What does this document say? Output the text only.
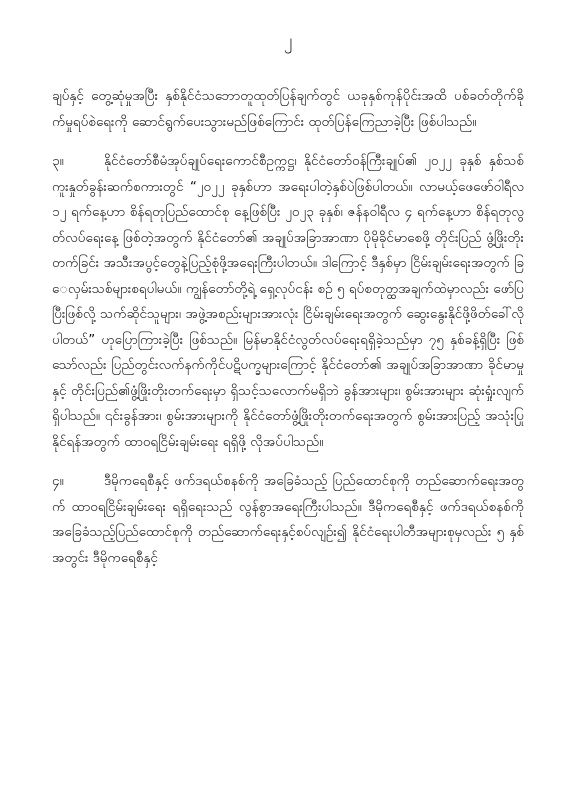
၂

ချပ်နှင့် တွေ့ဆုံမှုအပြီး နှစ်နိုင်ငံသဘောတူထုတ်ပြန်ချက်တွင် ယခုနှစ်ကုန်ပိုင်းအထိ ပစ်ခတ်တိုက်ခိုက်မှုရပ်စဲရေးကို ဆောင်ရွက်ပေးသွားမည်ဖြစ်ကြောင်း ထုတ်ပြန်ကြေညာခဲ့ပြီး ဖြစ်ပါသည်။

၃။	နိုင်ငံတော်စီမံအုပ်ချုပ်ရေးကောင်စီဥက္ကဋ္ဌ၊ နိုင်ငံတော်ဝန်ကြီးချုပ်၏ ၂၀၂၂ ခုနှစ် နှစ်သစ်ကူးနှုတ်ခွန်းဆက်စကားတွင် “၂၀၂၂ ခုနှစ်ဟာ အရေးပါတဲ့နှစ်ပဲဖြစ်ပါတယ်။ လာမယ့်ဖေဖော်ဝါရီလ ၁၂ ရက်နေ့ဟာ စိန်ရတုပြည်ထောင်စု နေ့ဖြစ်ပြီး ၂၀၂၃ ခုနှစ်၊ ဇန်နဝါရီလ ၄ ရက်နေ့ဟာ စိန်ရတုလွတ်လပ်ရေးနေ့ ဖြစ်တဲ့အတွက် နိုင်ငံတော်၏ အချုပ်အခြာအာဏာ ပိုမိုခိုင်မာစေဖို့ တိုင်းပြည် ဖွံ့ဖြိုးတိုးတက်ခြင်း အသီးအပွင့်တွေနဲ့ပြည့်စုံဖို့အရေးကြီးပါတယ်။ ဒါကြောင့် ဒီနှစ်မှာ ငြိမ်းချမ်းရေးအတွက် ခြေလှမ်းသစ်များစရပါမယ်။ ကျွန်တော်တို့ရဲ့ ရှေ့လုပ်ငန်း စဉ် ၅ ရပ်စတုတ္ထအချက်ထဲမှာလည်း ဖော်ပြပြီးဖြစ်လို့ သက်ဆိုင်သူများ၊ အဖွဲ့အစည်းများအားလုံး ငြိမ်းချမ်းရေးအတွက် ဆွေးနွေးနိုင်ဖို့ဖိတ်ခေါ်လိုပါတယ်” ဟုပြောကြားခဲ့ပြီး ဖြစ်သည်။ မြန်မာနိုင်ငံလွတ်လပ်ရေးရရှိခဲ့သည်မှာ ၇၅ နှစ်ခန့်ရှိပြီး ဖြစ်သော်လည်း ပြည်တွင်းလက်နက်ကိုင်ပဋိပက္ခများကြောင့် နိုင်ငံတော်၏ အချုပ်အခြာအာဏာ ခိုင်မာမှုနှင့် တိုင်းပြည်၏ဖွံ့ဖြိုးတိုးတက်ရေးမှာ ရှိသင့်သလောက်မရှိဘဲ ခွန်အားများ၊ စွမ်းအားများ ဆုံးရှုံးလျက်ရှိပါသည်။ ၎င်းခွန်အား၊ စွမ်းအားများကို နိုင်ငံတော်ဖွံ့ဖြိုးတိုးတက်ရေးအတွက် စွမ်းအားပြည့် အသုံးပြုနိုင်ရန်အတွက် ထာဝရငြိမ်းချမ်းရေး ရရှိဖို့ လိုအပ်ပါသည်။

၄။	ဒီမိုကရေစီနှင့် ဖက်ဒရယ်စနစ်ကို အခြေခံသည့် ပြည်ထောင်စုကို တည်ဆောက်ရေးအတွက် ထာဝရငြိမ်းချမ်းရေး ရရှိရေးသည် လွန်စွာအရေးကြီးပါသည်။ ဒီမိုကရေစီနှင့် ဖက်ဒရယ်စနစ်ကို အခြေခံသည့်ပြည်ထောင်စုကို တည်ဆောက်ရေးနှင့်စပ်လျဉ်း၍ နိုင်ငံရေးပါတီအများစုမှလည်း ၅ နှစ်အတွင်း ဒီမိုကရေစီနှင့်
